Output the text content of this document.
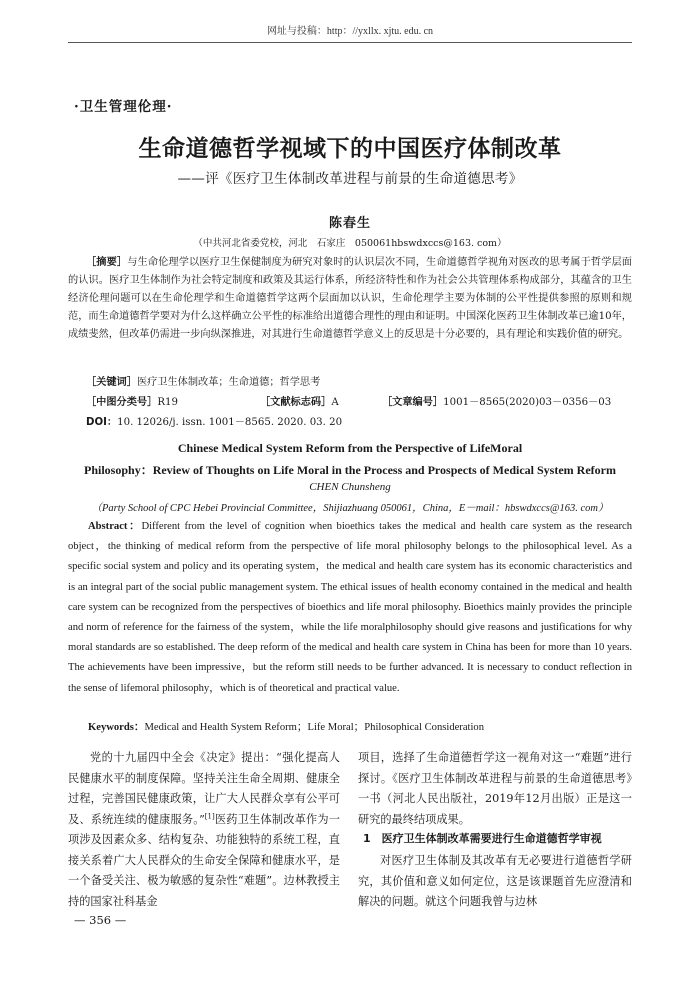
网址与投稿：http：//yxllx. xjtu. edu. cn
·卫生管理伦理·
生命道德哲学视域下的中国医疗体制改革
——评《医疗卫生体制改革进程与前景的生命道德思考》
陈春生
（中共河北省委党校，河北　石家庄　050061hbswdxccs@163. com）

［摘要］与生命伦理学以医疗卫生保健制度为研究对象时的认识层次不同，生命道德哲学视角对医改的思考属于哲学层面的认识。医疗卫生体制作为社会特定制度和政策及其运行体系，所经济特性和作为社会公共管理体系构成部分，其蕴含的卫生经济伦理问题可以在生命伦理学和生命道德哲学这两个层面加以认识，生命伦理学主要为体制的公平性提供参照的原则和规范，而生命道德哲学要对为什么这样确立公平性的标准给出道德合理性的理由和证明。中国深化医药卫生体制改革已逾10年，成绩斐然，但改革仍需进一步向纵深推进，对其进行生命道德哲学意义上的反思是十分必要的，具有理论和实践价值的研究。

［关键词］医疗卫生体制改革；生命道德；哲学思考
［中图分类号］R19	［文献标志码］A	［文章编号］1001－8565(2020)03－0356－03
DOI：10. 12026/j. issn. 1001－8565. 2020. 03. 20
Chinese Medical System Reform from the Perspective of LifeMoral
Philosophy：Review of Thoughts on Life Moral in the Process and Prospects of Medical System Reform
CHEN Chunsheng
（Party School of CPC Hebei Provincial Committee，Shijiazhuang 050061，China，E－mail：hbswdxccs@163. com）

Abstract：Different from the level of cognition when bioethics takes the medical and health care system as the research object，the thinking of medical reform from the perspective of life moral philosophy belongs to the philosophical level. As a specific social system and policy and its operating system，the medical and health care system has its economic characteristics and is an integral part of the social public management system. The ethical issues of health economy contained in the medical and health care system can be recognized from the perspectives of bioethics and life moral philosophy. Bioethics mainly provides the principle and norm of reference for the fairness of the system，while the life moralphilosophy should give reasons and justifications for why moral standards are so established. The deep reform of the medical and health care system in China has been for more than 10 years. The achievements have been impressive，but the reform still needs to be further advanced. It is necessary to conduct reflection in the sense of lifemoral philosophy，which is of theoretical and practical value.

Keywords：Medical and Health System Reform；Life Moral；Philosophical Consideration

党的十九届四中全会《决定》提出：“强化提高人民健康水平的制度保障。坚持关注生命全周期、健康全过程，完善国民健康政策，让广大人民群众享有公平可及、系统连续的健康服务。”[1]医药卫生体制改革作为一项涉及因素众多、结构复杂、功能独特的系统工程，直接关系着广大人民群众的生命安全保障和健康水平，是一个备受关注、极为敏感的复杂性“难题”。边林教授主持的国家社科基金

项目，选择了生命道德哲学这一视角对这一“难题”进行探讨。《医疗卫生体制改革进程与前景的生命道德思考》一书（河北人民出版社，2019年12月出版）正是这一研究的最终结项成果。

1　医疗卫生体制改革需要进行生命道德哲学审视

对医疗卫生体制及其改革有无必要进行道德哲学研究，其价值和意义如何定位，这是该课题首先应澄清和解决的问题。就这个问题我曾与边林

— 356 —
